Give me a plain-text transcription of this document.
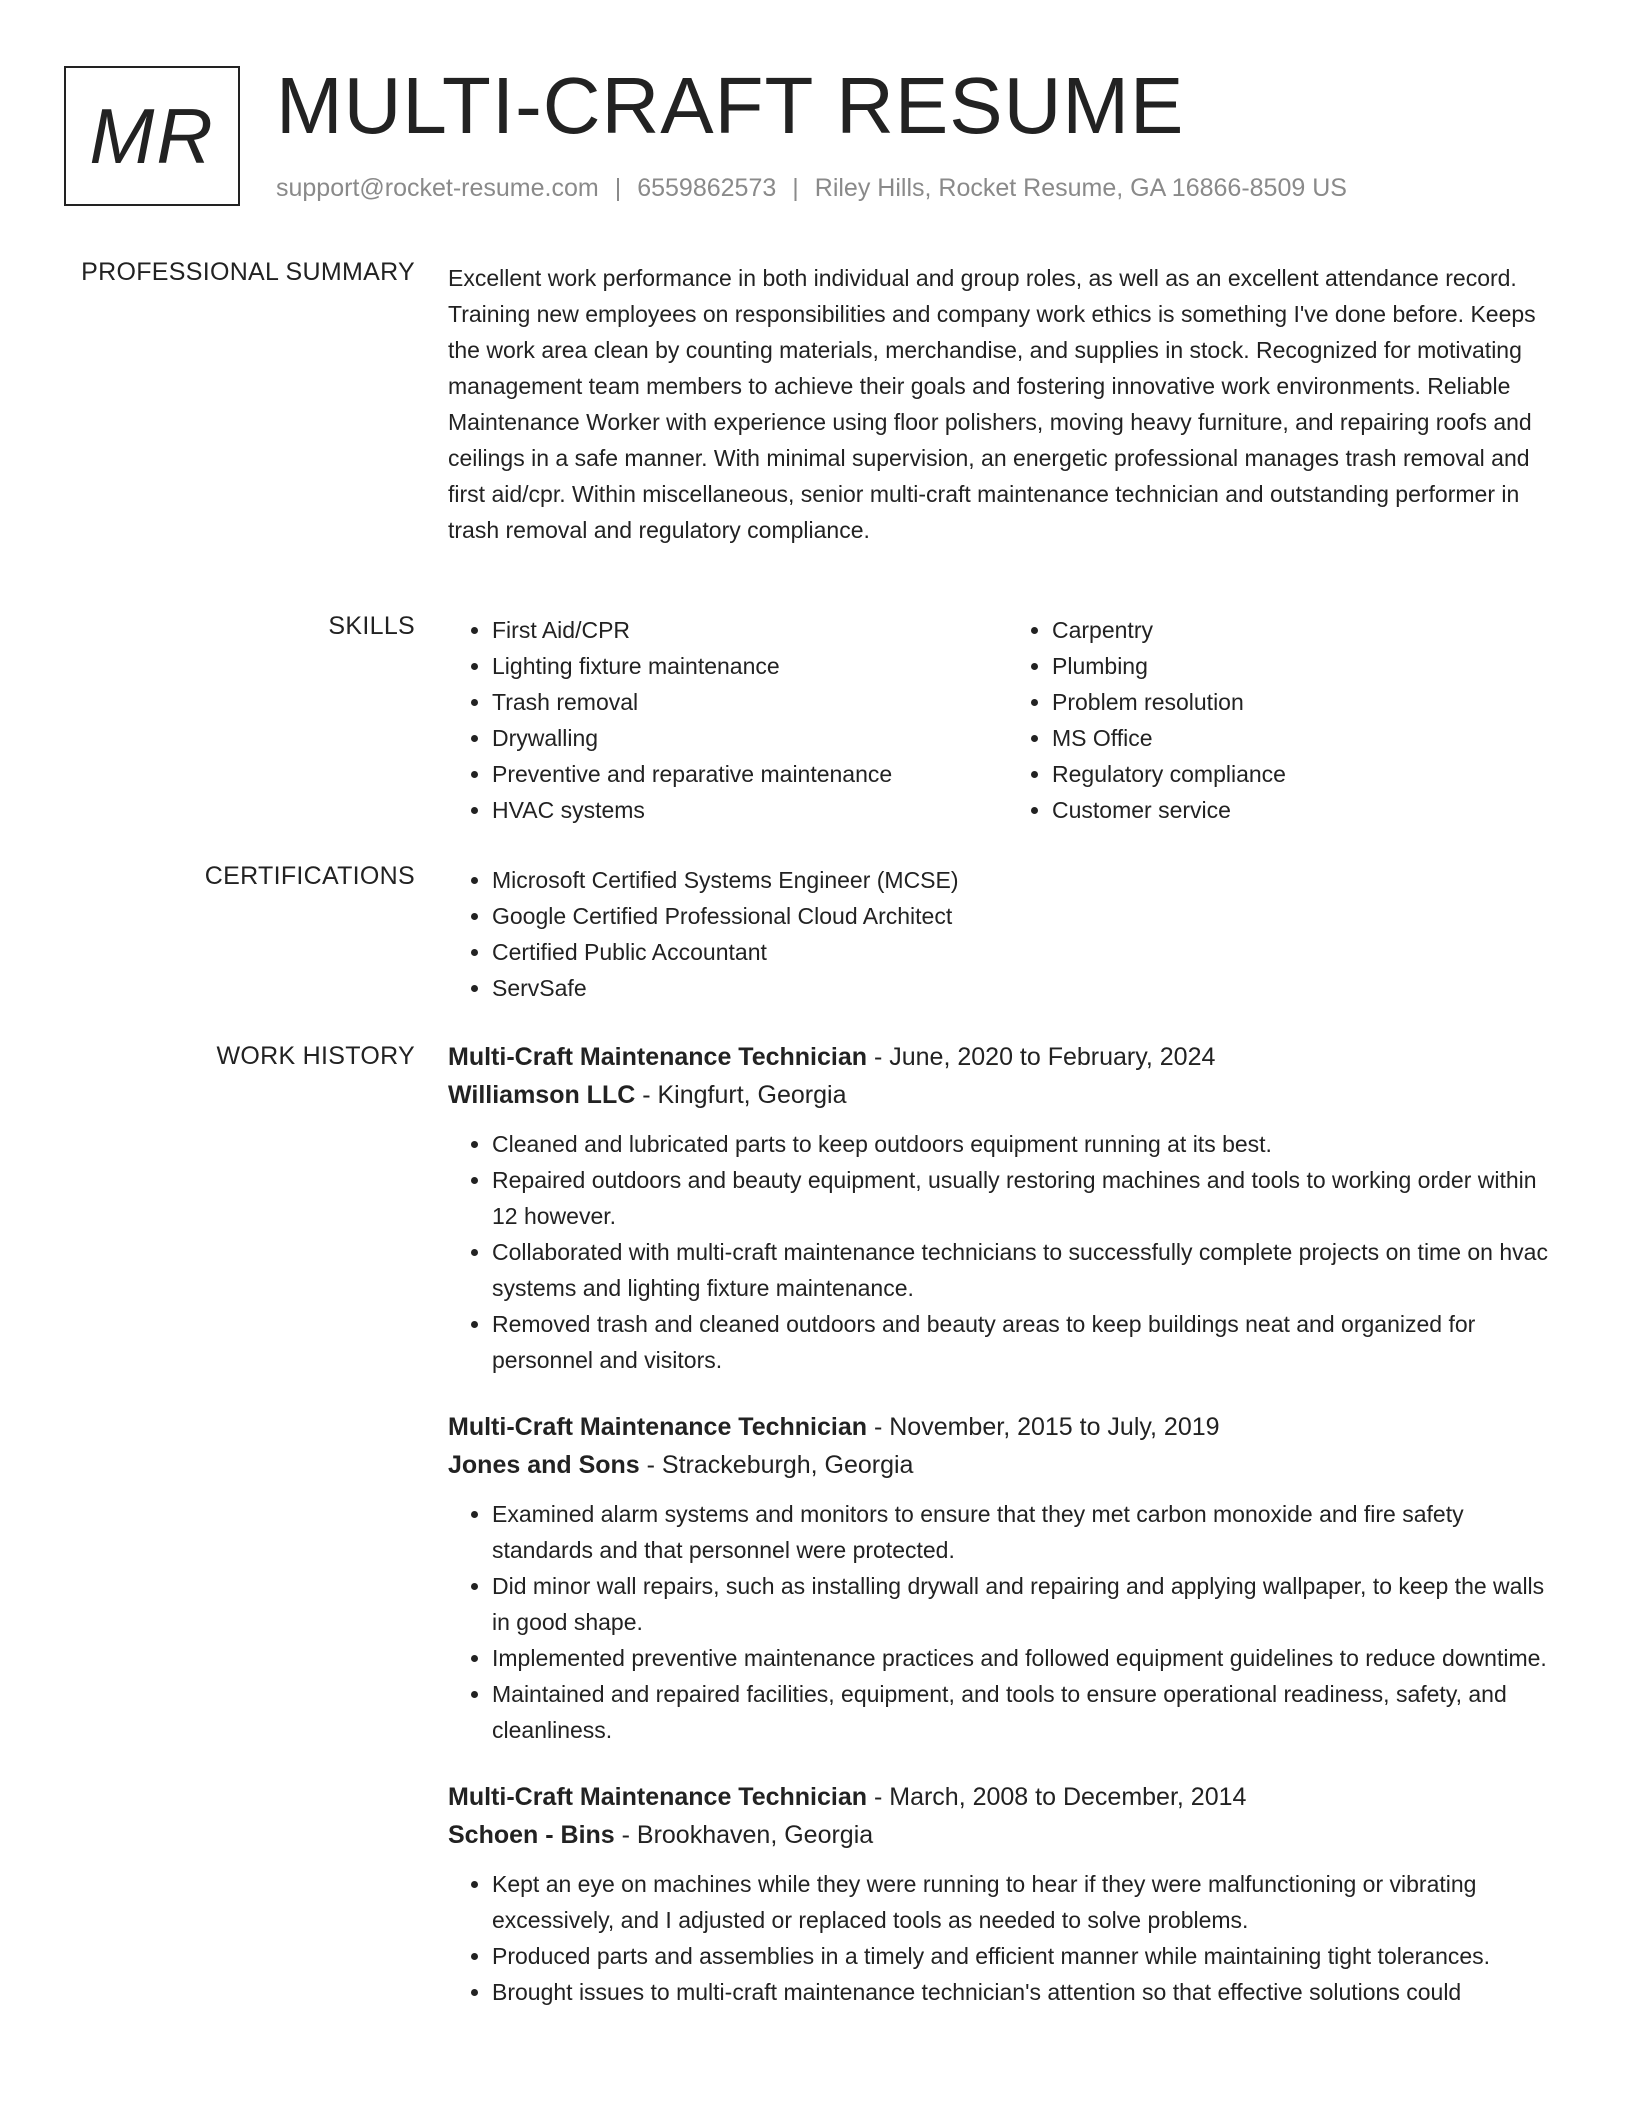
MR MULTI-CRAFT RESUME
support@rocket-resume.com | 6559862573 | Riley Hills, Rocket Resume, GA 16866-8509 US
PROFESSIONAL SUMMARY Excellent work performance in both individual and group roles, as well as an excellent attendance record. Training new employees on responsibilities and company work ethics is something I've done before. Keeps the work area clean by counting materials, merchandise, and supplies in stock. Recognized for motivating management team members to achieve their goals and fostering innovative work environments. Reliable Maintenance Worker with experience using floor polishers, moving heavy furniture, and repairing roofs and ceilings in a safe manner. With minimal supervision, an energetic professional manages trash removal and first aid/cpr. Within miscellaneous, senior multi-craft maintenance technician and outstanding performer in trash removal and regulatory compliance.
SKILLS	• First Aid/CPR
• Lighting fixture maintenance
• Trash removal
• Drywalling
• Preventive and reparative maintenance
• HVAC systems
• Carpentry
• Plumbing
• Problem resolution
• MS Office
• Regulatory compliance
• Customer service
CERTIFICATIONS	• Microsoft Certified Systems Engineer (MCSE)
• Google Certified Professional Cloud Architect
• Certified Public Accountant
• ServSafe
WORK HISTORY Multi-Craft Maintenance Technician - June, 2020 to February, 2024
Williamson LLC - Kingfurt, Georgia
• Cleaned and lubricated parts to keep outdoors equipment running at its best.
• Repaired outdoors and beauty equipment, usually restoring machines and tools to working order within 12 however.
• Collaborated with multi-craft maintenance technicians to successfully complete projects on time on hvac systems and lighting fixture maintenance.
• Removed trash and cleaned outdoors and beauty areas to keep buildings neat and organized for personnel and visitors.
Multi-Craft Maintenance Technician - November, 2015 to July, 2019
Jones and Sons - Strackeburgh, Georgia
• Examined alarm systems and monitors to ensure that they met carbon monoxide and fire safety standards and that personnel were protected.
• Did minor wall repairs, such as installing drywall and repairing and applying wallpaper, to keep the walls in good shape.
• Implemented preventive maintenance practices and followed equipment guidelines to reduce downtime.
• Maintained and repaired facilities, equipment, and tools to ensure operational readiness, safety, and cleanliness.
Multi-Craft Maintenance Technician - March, 2008 to December, 2014
Schoen - Bins - Brookhaven, Georgia
• Kept an eye on machines while they were running to hear if they were malfunctioning or vibrating excessively, and I adjusted or replaced tools as needed to solve problems.
• Produced parts and assemblies in a timely and efficient manner while maintaining tight tolerances.
• Brought issues to multi-craft maintenance technician's attention so that effective solutions could
